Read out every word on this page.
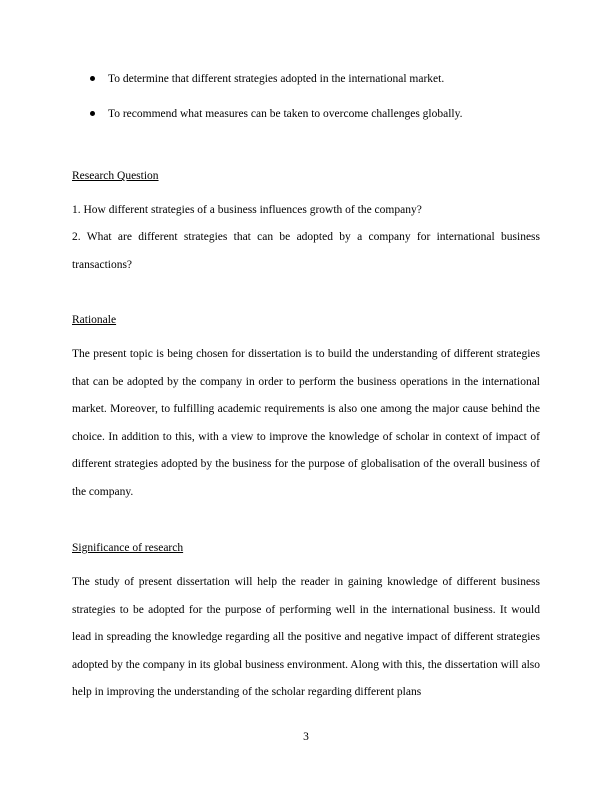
To determine that different strategies adopted in the international market.
To recommend what measures can be taken to overcome challenges globally.
Research Question

1. How different strategies of a business influences growth of the company?

2. What are different strategies that can be adopted by a company for international business transactions?

Rationale

The present topic is being chosen for dissertation is to build the understanding of different strategies that can be adopted by the company in order to perform the business operations in the international market. Moreover, to fulfilling academic requirements is also one among the major cause behind the choice. In addition to this, with a view to improve the knowledge of scholar in context of impact of different strategies adopted by the business for the purpose of globalisation of the overall business of the company.

Significance of research

The study of present dissertation will help the reader in gaining knowledge of different business strategies to be adopted for the purpose of performing well in the international business. It would lead in spreading the knowledge regarding all the positive and negative impact of different strategies adopted by the company in its global business environment. Along with this, the dissertation will also help in improving the understanding of the scholar regarding different plans

3
